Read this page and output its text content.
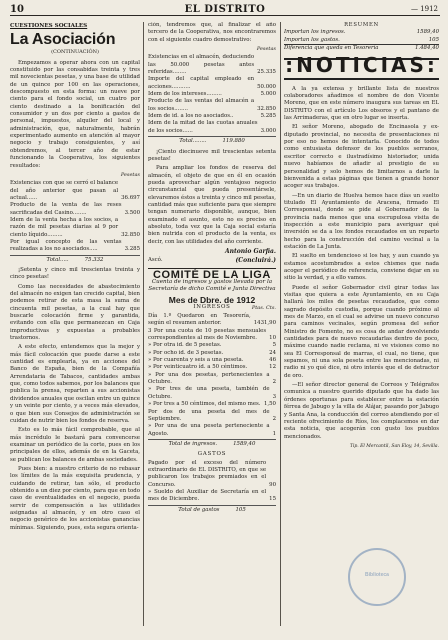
10	EL DISTRITO	— 1912
CUESTIONES SOCIALES
La Asociación
(CONTINUACIÓN)

Empezamos a operar ahora con un capital constituido por las consabidas treinta y tres mil novecientas pesetas, y una base de utilidad de un quince por 100 en las operaciones, descompuesto en esta forma: un nueve por ciento para el fondo social, un cuatro por ciento destinado a la bonificación del consumidor y un dos por ciento a gastos de personal, impuestos, alquiler del local y administración, que, naturalmente, habrán experimentado aumento en atención al mayor negocio y trabajo consiguientes, y así obtendremos, al tercer año de estar funcionando la Cooperativa, los siguientes resultados:

Pesetas
Existencias con que se cerró el balance del año anterior que pasan al actual......	36.697
Producto de la venta de las reses sacrificadas del Casino........	3.500
Idem de la venta hecha a los socios, a razón de mil pesetas diarias al 9 por ciento líquido.........	32.850
Por igual concepto de las ventas realizadas a los no asociados.....	3.285
Total.....	75.332

¡Setenta y cinco mil trescientas treinta y cinco pesetas!

Como las necesidades de abastecimiento del almacén no exigen tan crecido capital, bien podemos retirar de esta masa la suma de cincuenta mil pesetas, a la cual hay que buscarle colocación firme y garantida, evitando con ella que permanezcan en Caja improductivas y expuestas a probables trastornos.

A este efecto, entendemos que la mejor y más fácil colocación que puede darse a este cantidad es emplearla, ya en acciones del Banco de España, bien de la Compañía Arrendataria de Tabacos, cantidades ambas que, como todos sabemos, por los balances que publica la prensa, reparten a sus accionistas dividendos anuales que oscilan entre un quince y un veinte por ciento, y a veces más elevados, o que bien sus Consejos de administración se cuidan de nutrir bien los fondos de reserva.

Esto es lo más fácil comprobable, que al más incrédulo le bastará para convencerse examinar un periódico de la corte, pues en los principales de ellos, además de en la Gaceta, se publican los balances de ambas sociedades.

Pues bien: a nuestro criterio de no rebasar los límites de la más exquisita prudencia, y cuidando de retirar, tan sólo, el producto obtenido a un diez por ciento, para que en todo caso de eventualidades en el negocio, pueda servir de compensación a las utilidades asignadas al almacén, y en otro caso el negocio genérico de los accionistas ganancias mínimas. Siguiendo, pues, esta segura orienta-

ción, tendremos que, al finalizar el año tercero de la Cooperativa, nos encontraremos con el siguiente cuadro demostrativo:

Pesetas
Existencias en el almacén, deduciendo las 50.000 pesetas antes referidas........	25.335
Importe del capital empleado en acciones...........	50.000
Idem de los intereses.........	5.000
Producto de las ventas del almacén a los socios........	32.850
Idem de id. a los no asociados..	5.285
Idem de la mitad de las cuotas anuales de los socios......	3.000
Total........	119.880

¡Ciento diecinueve mil trescientas setenta pesetas!

Para ampliar los fondos de reserva del almacén, el objeto de que en él en ocasión pueda aprovechar algún ventajoso negocio circunstancial que pueda presentársele, elevaremos éstos a treinta y cinco mil pesetas, cantidad más que suficiente para que siempre tengan numerario disponible, aunque, bien examinado el asunto, esto no es preciso en absoluto, toda vez que la Caja social estaría bien nutrida con el producto de la venta, es decir, con las utilidades del año corriente.

Antonio Garfia.
Ascó.	(Concluirá.)
COMITÉ DE LA LIGA
Cuenta de ingresos y gastos llevada por la Secretaría de dicho Comité e Junta Directiva
Mes de Dbre. de 1912
INGRESOS	Ptas. Cts.
Día 1.º Quedaron en Tesorería, según el resumen anterior.	1431,90
3 Por una cuota de 10 pesetas mensuales correspondientes al mes de Noviembre.	10
» Por otra id. de 5 pesetas.	5
» Por ocho id. de 3 pesetas.	24
» Por cuarenta y seis a una peseta.	46
» Por veinticuatro íd. a 50 céntimos.	12
» Por una dos pesetas, pertenecientes a Octubre.	2
» Por tres de una peseta, también de Octubre.	3
» Por tres a 50 céntimos, del mismo mes. 1,50
Por dos de una peseta del mes de Septiembre.	2
» Por una de una peseta perteneciente a Agosto.	1
Total de ingresos.	1589,40
GASTOS
Pagado por el exceso del número extraordinario de EL DISTRITO, en que se publicaron los trabajos premiados en el Concurso.	90
» Sueldo del Auxiliar de Secretaría en el mes de Diciembre.	15
Total de gastos	105
RESUMEN
Importan los ingresos.	1589,40
Importan los gastos.	105
Diferencia que queda en Tesorería	1.484,40
:NOTICIAS:

A la ya extensa y brillante lista de nuestros colaboradores añadimos el nombre de don Vicente Moreno, que en este número inaugura sus tareas en EL DISTRITO con el artículo Los obsoros y el pantano de las Arrimaderas, que en otro lugar se inserta.

El señor Moreno, abogado de Encinasola y ex-diputado provincial, no necesita de presentaciones ni por eso no hemos de intentarla. Conocido de todos como entusiasta defensor de los pueblos serranos, escritor correcto e ilustradísimo historiador, unida nuevo habíamos de añadir al prestigio de su personalidad y solo hemos de limitarnos a darle la bienvenida a estas páginas que tienen a grande honor acoger sus trabajos.

—En un diario de Huelva hemos hace días un suelto titulado El Ayuntamiento de Aracena, firmado El Corresponsal, donde se pide al Gobernador de la provincia nada menos que una escrupulosa visita de inspección a este municipio para averiguar qué inversión se da a los fondos recaudados en un reparto hecho para la construcción del camino vecinal a la estación de La Junta.

El suelto en tendencioso si los hay, y aun cuando ya estamos acostumbrados a estos chismes que nada acoger el periódico de referencia, conviene dejar en su sitio la verdad, y a ello vamos.

Puede el señor Gobernador civil girar todas las visitas que quiera a este Ayuntamiento, en su Caja hallará los miles de pesetas recaudados, que como sagrado depósito custodia, porque cuando próximo al mes de Marzo, en el cual se advirse un nuevo concurso para caminos vecinales, según promesa del señor Ministro de Fomento, no es cosa de andar devolviendo cantidades para de nuevo recaudarlas dentro de poco, máxime cuando nadie reclama, ni ve visiones como no sea El Corresponsal de marras, el cual, no tiene, que sepamos, ni una sola peseta entre las mencionadas, ni radio ni yo qué dice, ni otro interés que el de detractor de oro.

—El señor director general de Correos y Telégrafos comunica a nuestro querido diputado que ha dado las órdenes oportunas para establecer entre la estación férrea de Jabugo y la villa de Alájar, pasando por Jabugo y Santa Ana, la conducción del correo atendiendo por el reciente ofrecimiento de Ríos, los complacemos en dar esta noticia, que acogerán con gusto los pueblos mencionados.

Tip. El Mercantil, San Eloy, 14, Sevilla.
Biblioteca
